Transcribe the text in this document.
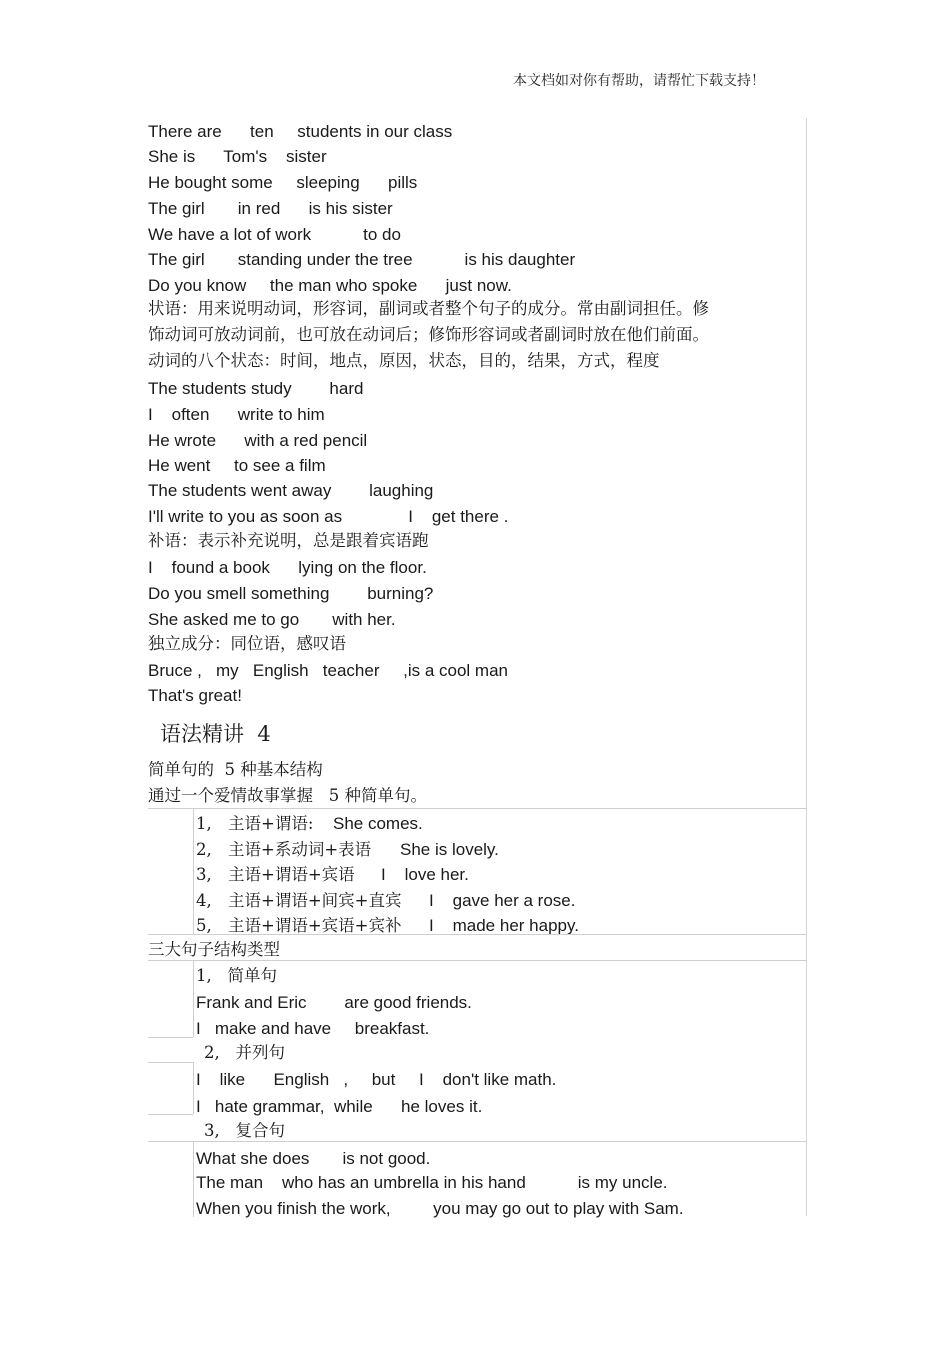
本文档如对你有帮助，请帮忙下载支持！
There are      ten     students in our class
She is      Tom's    sister
He bought some     sleeping      pills
The girl       in red      is his sister
We have a lot of work           to do
The girl       standing under the tree           is his daughter
Do you know     the man who spoke      just now.
状语：用来说明动词，形容词，副词或者整个句子的成分。常由副词担任。修
饰动词可放动词前，也可放在动词后；修饰形容词或者副词时放在他们前面。
动词的八个状态：时间，地点，原因，状态，目的，结果，方式，程度
The students study        hard
I    often      write to him
He wrote      with a red pencil
He went     to see a film
The students went away        laughing
I'll write to you as soon as              I    get there .
补语：表示补充说明，总是跟着宾语跑
I    found a book      lying on the floor.
Do you smell something        burning?
She asked me to go       with her.
独立成分：同位语，感叹语
Bruce ,   my   English   teacher     ,is a cool man
That's great!
语法精讲  4
简单句的  5 种基本结构
通过一个爱情故事掌握   5 种简单句。
1, 主语+谓语: She comes.
2, 主语+系动词+表语 She is lovely.
3, 主语+谓语+宾语 I    love her.
4, 主语+谓语+间宾+直宾 I    gave her a rose.
5, 主语+谓语+宾语+宾补 I    made her happy.
三大句子结构类型
1,   简单句
Frank and Eric        are good friends.
I   make and have     breakfast.
2,   并列句
I    like      English   ,     but     I    don't like math.
I   hate grammar,  while      he loves it.
3,   复合句
What she does       is not good.
The man    who has an umbrella in his hand           is my uncle.
When you finish the work,         you may go out to play with Sam.
